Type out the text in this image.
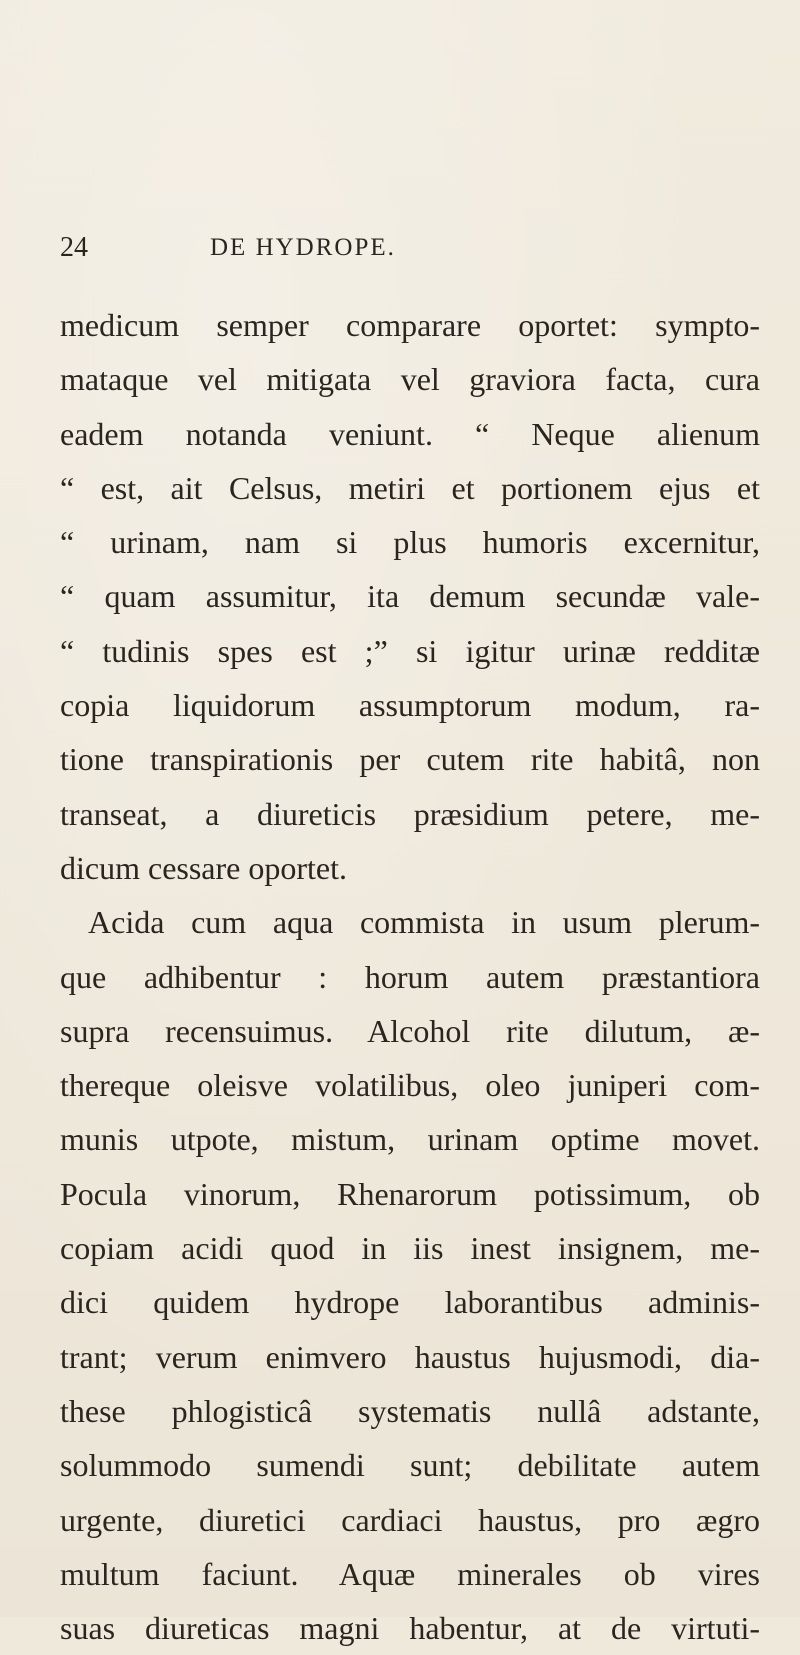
24	DE HYDROPE.
medicum semper comparare oportet: sympto-
mataque vel mitigata vel graviora facta, cura
eadem notanda veniunt. “ Neque alienum
“ est, ait Celsus, metiri et portionem ejus et
“ urinam, nam si plus humoris excernitur,
“ quam assumitur, ita demum secundæ vale-
“ tudinis spes est ;” si igitur urinæ redditæ
copia liquidorum assumptorum modum, ra-
tione transpirationis per cutem rite habitâ, non
transeat, a diureticis præsidium petere, me-
dicum cessare oportet.
Acida cum aqua commista in usum plerum-
que adhibentur : horum autem præstantiora
supra recensuimus. Alcohol rite dilutum, æ-
thereque oleisve volatilibus, oleo juniperi com-
munis utpote, mistum, urinam optime movet.
Pocula vinorum, Rhenarorum potissimum, ob
copiam acidi quod in iis inest insignem, me-
dici quidem hydrope laborantibus adminis-
trant; verum enimvero haustus hujusmodi, dia-
these phlogisticâ systematis nullâ adstante,
solummodo sumendi sunt; debilitate autem
urgente, diuretici cardiaci haustus, pro ægro
multum faciunt. Aquæ minerales ob vires
suas diureticas magni habentur, at de virtuti-
